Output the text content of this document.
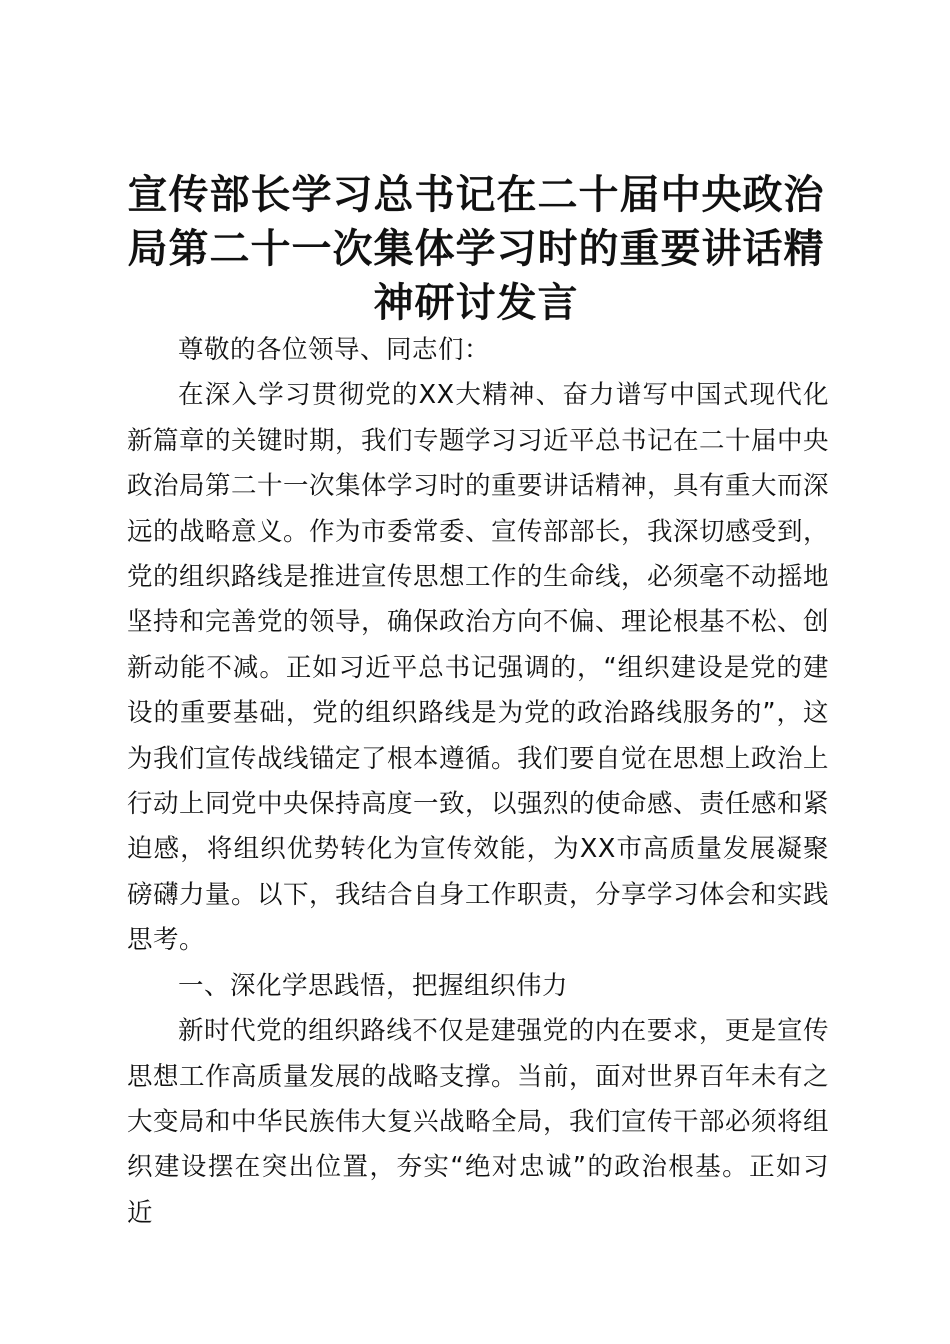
宣传部长学习总书记在二十届中央政治局第二十一次集体学习时的重要讲话精神研讨发言

尊敬的各位领导、同志们：

在深入学习贯彻党的XX大精神、奋力谱写中国式现代化新篇章的关键时期，我们专题学习习近平总书记在二十届中央政治局第二十一次集体学习时的重要讲话精神，具有重大而深远的战略意义。作为市委常委、宣传部部长，我深切感受到，党的组织路线是推进宣传思想工作的生命线，必须毫不动摇地坚持和完善党的领导，确保政治方向不偏、理论根基不松、创新动能不减。正如习近平总书记强调的，“组织建设是党的建设的重要基础，党的组织路线是为党的政治路线服务的”，这为我们宣传战线锚定了根本遵循。我们要自觉在思想上政治上行动上同党中央保持高度一致，以强烈的使命感、责任感和紧迫感，将组织优势转化为宣传效能，为XX市高质量发展凝聚磅礴力量。以下，我结合自身工作职责，分享学习体会和实践思考。

一、深化学思践悟，把握组织伟力

新时代党的组织路线不仅是建强党的内在要求，更是宣传思想工作高质量发展的战略支撑。当前，面对世界百年未有之大变局和中华民族伟大复兴战略全局，我们宣传干部必须将组织建设摆在突出位置，夯实“绝对忠诚”的政治根基。正如习近
